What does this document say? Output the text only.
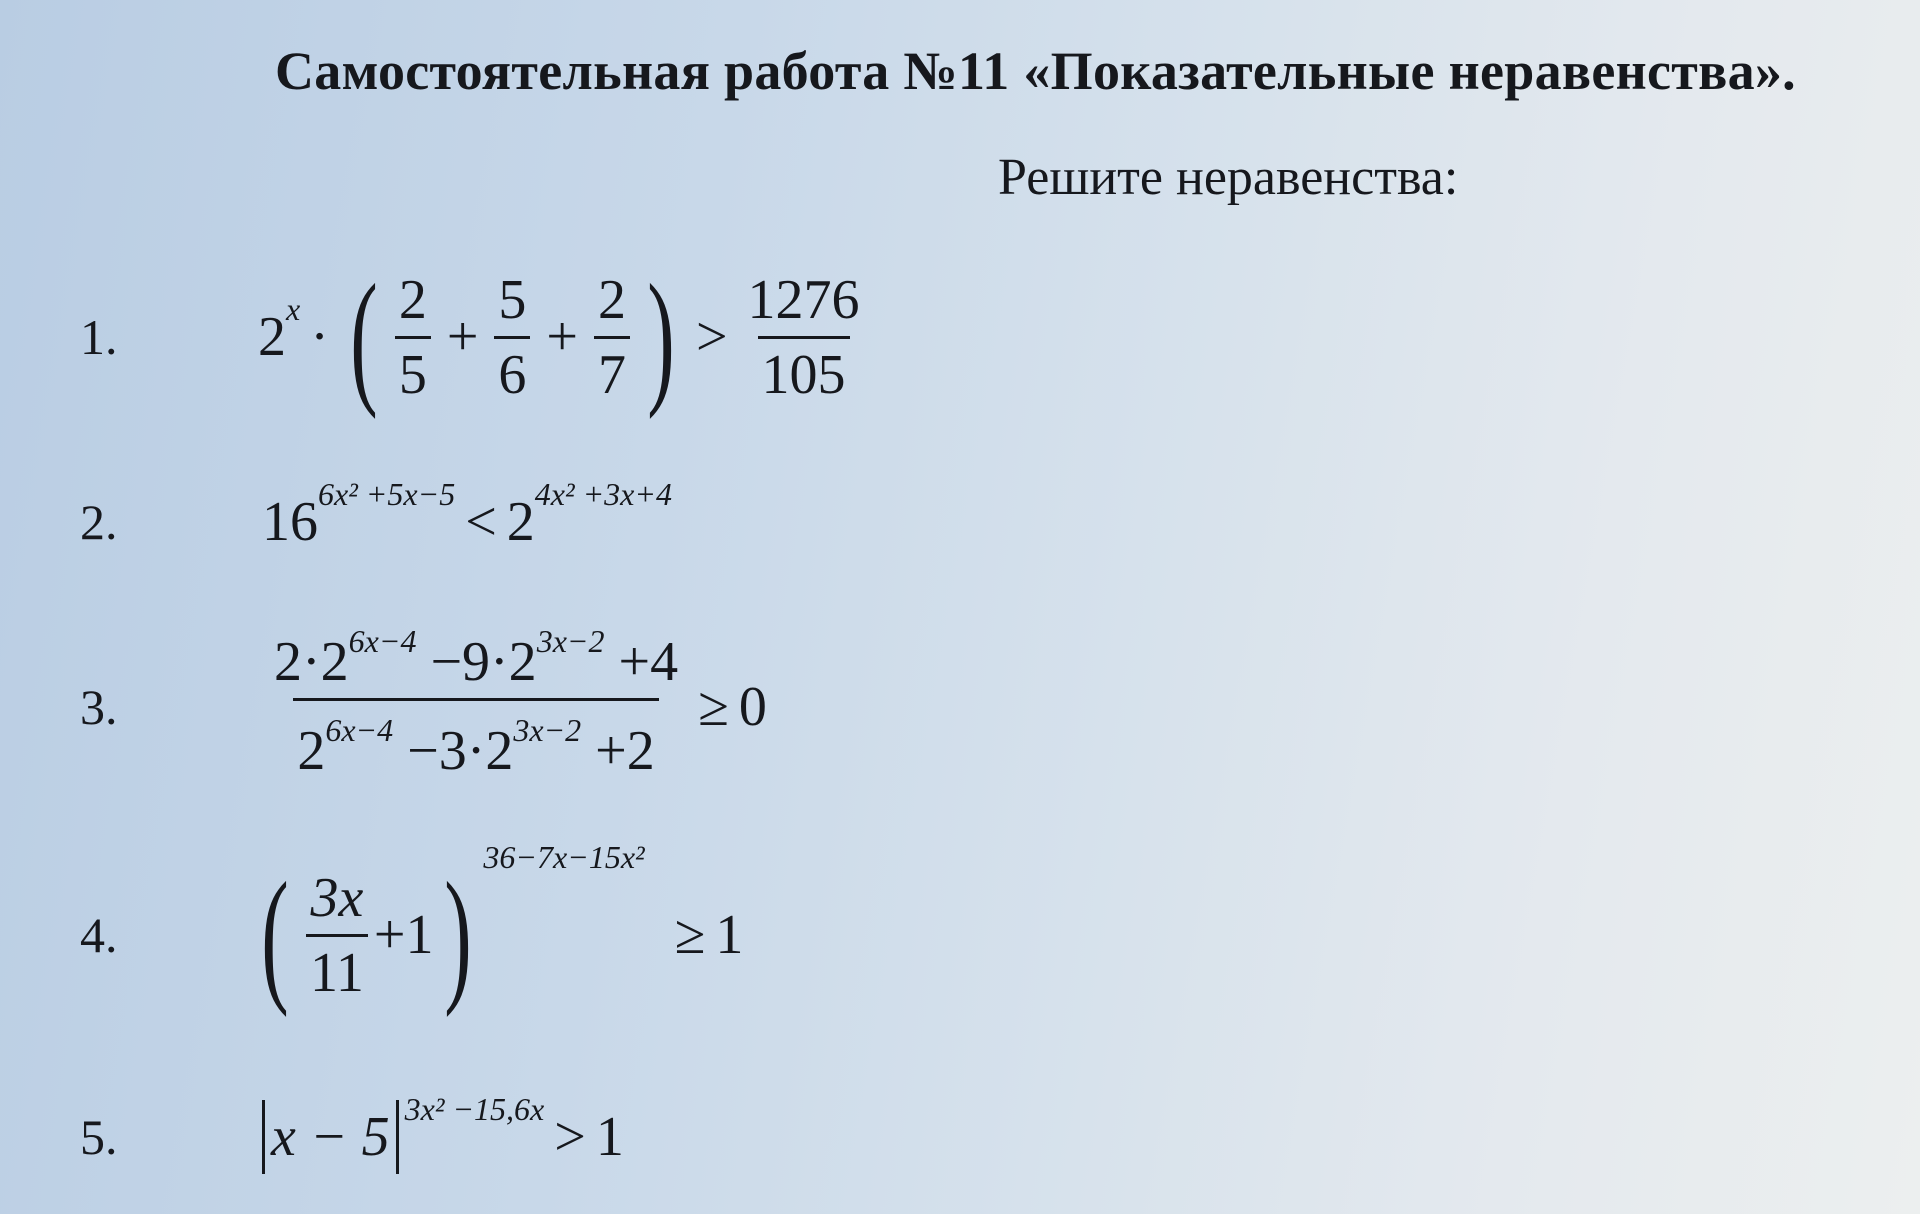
Самостоятельная работа №11 «Показательные неравенства».
Решите неравенства:
1.	2 x · ( $\frac{2}{5} + \frac{5}{6} + \frac{2}{7}$ ) > $\frac{1276}{105}$
2.	16 6x² +5x−5 < 2 4x² +3x+4
3.	$\frac{2\cdot 2^{6x-4} -9\cdot 2^{3x-2} +4}{2^{6x-4} -3\cdot 2^{3x-2} +2} \ge 0$
4. ( $\frac{3x}{11} +1$ ) 36−7x−15x²
≥ 1
5.	x − 5 3x² −15,6x > 1
